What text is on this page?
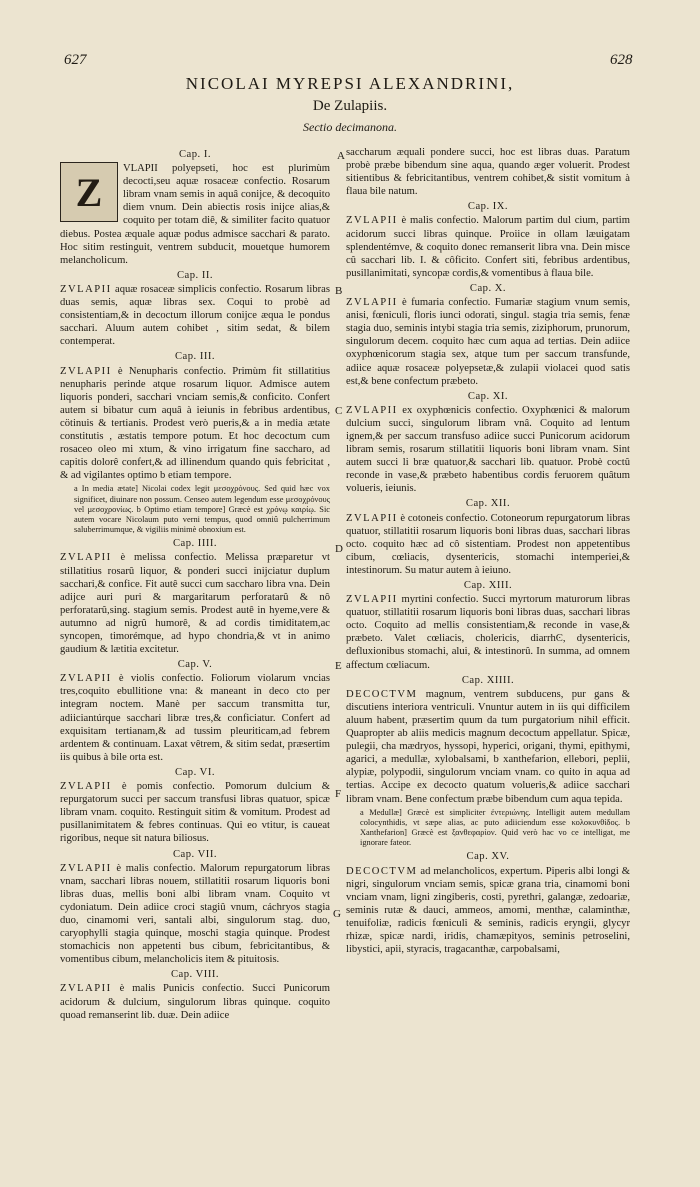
627	628
NICOLAI MYREPSI ALEXANDRINI,
De Zulapiis.
Sectio decimanona.
A
B
C
D
E
F
G
Cap. I.

Z
VLAPII polyepseti, hoc est plurimùm decocti,seu aquæ rosaceæ confectio. Rosarum libram vnam semis in aquâ conijce, & decoquito diem vnum. Dein abiectis rosis inijce alias,& coquito per totam diê, & similiter facito quatuor diebus. Postea æquale aquæ podus admisce sacchari & parato. Hoc sitim restinguit, ventrem subducit, mouetque humorem melancholicum.

Cap. II.

ZVLAPII aquæ rosaceæ simplicis confectio. Rosarum libras duas semis, aquæ libras sex. Coqui to probè ad consistentiam,& in decoctum illorum conijce æqua le pondus sacchari. Aluum autem cohibet , sitim sedat, & bilem contemperat.

Cap. III.

ZVLAPII è Nenupharis confectio. Primùm fit stillatitius nenupharis perinde atque rosarum liquor. Admisce autem liquoris ponderi, sacchari vnciam semis,& conficito. Confert autem si bibatur cum aquâ à ieiunis in febribus ardentibus, cötinuis & tertianis. Prodest verò pueris,& a in media ætate constitutis , æstatis tempore potum. Et hoc decoctum cum rosaceo oleo mi xtum, & vino irrigatum fine saccharo, ad capitis dolorê confert,& ad illinendum quando quis febricitat , & ad vigilantes optimo b etiam tempore.

a In media ætate] Nicolai codex legit μεσοχρόνους. Sed quid hæc vox significet, diuinare non possum. Censeo autem legendum esse μεσοχρόνους vel μεσοχρονίως. b Optimo etiam tempore] Græcè est χρόνῳ καιρίῳ. Sic autem vocare Nicolaum puto verni tempus, quod omniû pulcherrimum saluberrimumque, & vigiliis minimè obnoxium est.
Cap. IIII.

ZVLAPII è melissa confectio. Melissa præparetur vt stillatitius rosarû liquor, & ponderi succi inijciatur duplum sacchari,& confice. Fit autê succi cum saccharo libra vna. Dein adijce auri puri & margaritarum perforatarû & nô perforatarû,sing. stagium semis. Prodest autê in hyeme,vere & autumno ad nigrû humorê, & ad cordis timiditatem,ac syncopen, timorémque, ad hypo chondria,& vt in animo gaudium & lætitia excitetur.

Cap. V.

ZVLAPII è violis confectio. Foliorum violarum vncias tres,coquito ebullitione vna: & maneant in deco cto per integram noctem. Manè per saccum transmitta tur, adiiciantúrque sacchari libræ tres,& conficiatur. Confert ad exquisitam tertianam,& ad tussim pleuriticam,ad febrem ardentem & continuam. Laxat vêtrem, & sitim sedat, præsertim iis quibus à bile orta est.

Cap. VI.

ZVLAPII è pomis confectio. Pomorum dulcium & repurgatorum succi per saccum transfusi libras quatuor, spicæ libram vnam. coquito. Restinguit sitim & vomitum. Prodest ad pusillanimitatem & febres continuas. Qui eo vtitur, is caueat rigoribus, neque sit natura biliosus.

Cap. VII.

ZVLAPII è malis confectio. Malorum repurgatorum libras vnam, sacchari libras nouem, stillatitii rosarum liquoris boni libras duas, mellis boni albi libram vnam. Coquito vt cydoniatum. Dein adiice croci stagiû vnum, cáchryos stagia duo, cinamomi veri, santali albi, singulorum stag. duo, caryophylli stagia quinque, moschi stagia quinque. Prodest stomachicis non appetenti bus cibum, febricitantibus, & vomentibus cibum, melancholicis item & pituitosis.

Cap. VIII.

ZVLAPII è malis Punicis confectio. Succi Punicorum acidorum & dulcium, singulorum libras quinque. coquito quoad remanserint lib. duæ. Dein adiice

saccharum æquali pondere succi, hoc est libras duas. Paratum probè præbe bibendum sine aqua, quando æger voluerit. Prodest sitientibus & febricitantibus, ventrem cohibet,& sistit vomitum à flaua bile natum.

Cap. IX.

ZVLAPII è malis confectio. Malorum partim dul cium, partim acidorum succi libras quinque. Proiice in ollam læuigatam splendentémve, & coquito donec remanserit libra vna. Dein misce cû sacchari lib. I. & côficito. Confert siti, febribus ardentibus, pusillanimitati, syncopæ cordis,& vomentibus à flaua bile.

Cap. X.

ZVLAPII è fumaria confectio. Fumariæ stagium vnum semis, anisi, fœniculi, floris iunci odorati, singul. stagia tria semis, fenæ stagia duo, seminis intybi stagia tria semis, ziziphorum, prunorum, singulorum decem. coquito hæc cum aqua ad tertias. Dein adiice oxyphœnicorum stagia sex, atque tum per saccum transfunde, adiice aquæ rosaceæ polyepsetæ,& zulapii violacei quod satis est,& bene confectum præbeto.

Cap. XI.

ZVLAPII ex oxyphœnicis confectio. Oxyphœnici & malorum dulcium succi, singulorum libram vnâ. Coquito ad lentum ignem,& per saccum transfuso adiice succi Punicorum acidorum libram semis, rosarum stillatitii liquoris boni libram vnam. Sint autem succi li bræ quatuor,& sacchari lib. quatuor. Probè coctû reconde in vase,& præbeto habentibus cordis feruorem quâtum volueris, ieiunis.

Cap. XII.

ZVLAPII è cotoneis confectio. Cotoneorum repurgatorum libras quatuor, stillatitii rosarum liquoris boni libras duas, sacchari libras octo. coquito hæc ad cô sistentiam. Prodest non appetentibus cibum, cœliacis, dysentericis, stomachi intemperiei,& intestinorum. Su matur autem à ieiuno.

Cap. XIII.

ZVLAPII myrtini confectio. Succi myrtorum maturorum libras quatuor, stillatitii rosarum liquoris boni libras duas, sacchari libras octo. Coquito ad mellis consistentiam,& reconde in vase,& præbeto. Valet cœliacis, cholericis, diarrhϾ, dysentericis, defluxionibus stomachi, alui, & intestinorû. In summa, ad omnem affectum cœliacum.

Cap. XIIII.

DECOCTVM magnum, ventrem subducens, pur gans & discutiens interiora ventriculi. Vnuntur autem in iis qui difficilem aluum habent, præsertim quum da tum purgatorium nihil efficit. Quapropter ab aliis medicis magnum decoctum appellatur. Spicæ, pulegii, cha mædryos, hyssopi, hyperici, origani, thymi, epithymi, agarici, a medullæ, xylobalsami, b xanthefarion, ellebori, peplii, alypiæ, polypodii, singulorum vnciam vnam. co quito in aqua ad tertias. Accipe ex decocto quatum volueris,& adiice sacchari libram vnam. Bene confectum præbe bibendum cum aqua tepida.

a Medullæ] Græcè est simpliciter ἐντεριώνης. Intelligit autem medullam colocynthidis, vt sæpe alias, ac puto adiiciendum esse κολοκυνθίδος. b Xanthefarion] Græcè est ξανθεφαρίον. Quid verò hac vo ce intelligat, me ignorare fateor.
Cap. XV.

DECOCTVM ad melancholicos, expertum. Piperis albi longi & nigri, singulorum vnciam semis, spicæ grana tria, cinamomi boni vnciam vnam, ligni zingiberis, costi, pyrethri, galangæ, zedoariæ, seminis rutæ & dauci, ammeos, amomi, menthæ, calaminthæ, tenuifoliæ, radicis fœniculi & seminis, radicis eryngii, glycyr rhizæ, spicæ nardi, iridis, chamæpityos, seminis petroselini, libystici, apii, styracis, tragacanthæ, carpobalsami,
